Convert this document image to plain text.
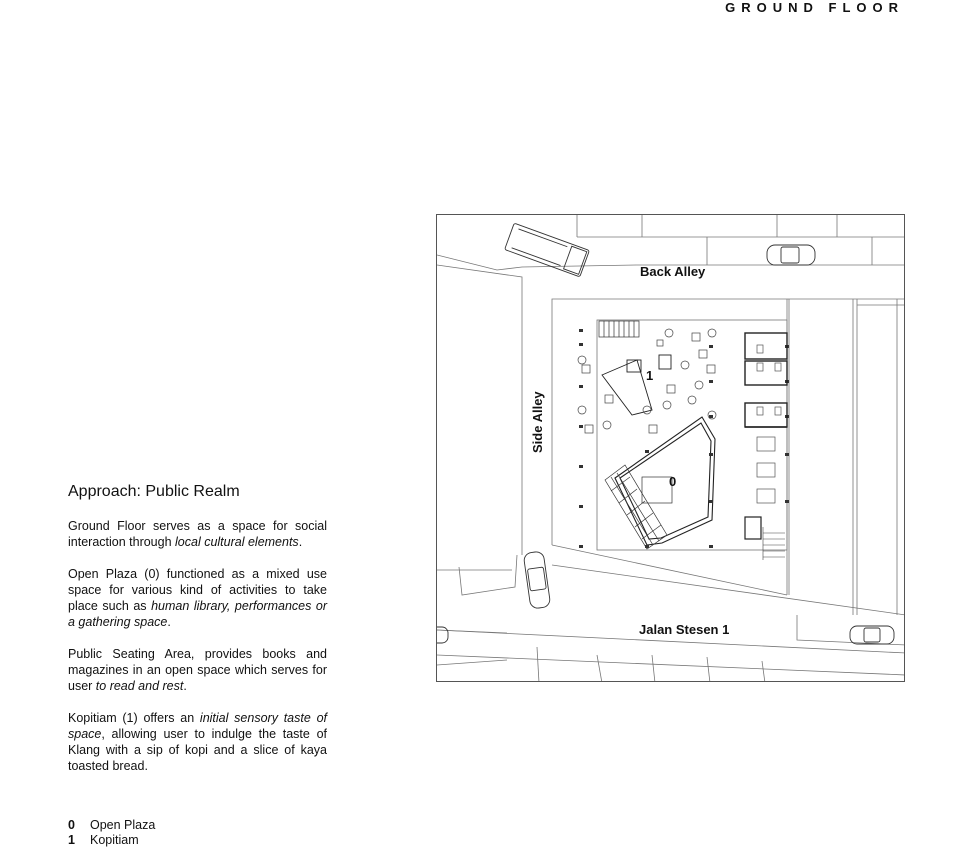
GROUND FLOOR
Approach: Public Realm

Ground Floor serves as a space for social interaction through local cultural elements.

Open Plaza (0) functioned as a mixed use space for various kind of activities to take place such as human library, performances or a gathering space.

Public Seating Area, provides books and magazines in an open space which serves for user to read and rest.

Kopitiam (1) offers an initial sensory taste of space, allowing user to indulge the taste of Klang with a sip of kopi and a slice of kaya toasted bread.

0	Open Plaza
1	Kopitiam
Back Alley
Jalan Stesen 1
Side Alley
1
0
